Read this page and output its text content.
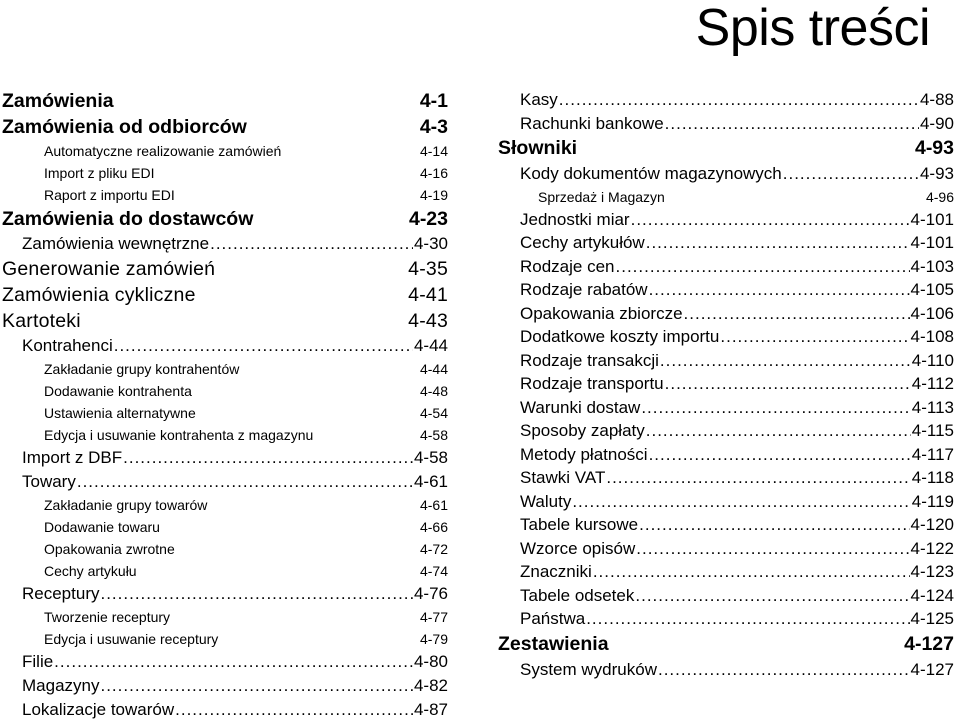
Spis treści
Zamówienia	4-1
Zamówienia od odbiorców	4-3
Automatyczne realizowanie zamówień	4-14
Import z pliku EDI	4-16
Raport z importu EDI	4-19
Zamówienia do dostawców	4-23
Zamówienia wewnętrzne .....	4-30
Generowanie zamówień	4-35
Zamówienia cykliczne	4-41
Kartoteki	4-43
Kontrahenci .....	4-44
Zakładanie grupy kontrahentów	4-44
Dodawanie kontrahenta	4-48
Ustawienia alternatywne	4-54
Edycja i usuwanie kontrahenta z magazynu	4-58
Import z DBF .....	4-58
Towary .....	4-61
Zakładanie grupy towarów	4-61
Dodawanie towaru	4-66
Opakowania zwrotne	4-72
Cechy artykułu	4-74
Receptury .....	4-76
Tworzenie receptury	4-77
Edycja i usuwanie receptury	4-79
Filie .....	4-80
Magazyny .....	4-82
Lokalizacje towarów .....	4-87
Kasy .....	4-88
Rachunki bankowe .....	4-90
Słowniki	4-93
Kody dokumentów magazynowych .....	4-93
Sprzedaż i Magazyn	4-96
Jednostki miar .....	4-101
Cechy artykułów .....	4-101
Rodzaje cen .....	4-103
Rodzaje rabatów .....	4-105
Opakowania zbiorcze .....	4-106
Dodatkowe koszty importu .....	4-108
Rodzaje transakcji .....	4-110
Rodzaje transportu .....	4-112
Warunki dostaw .....	4-113
Sposoby zapłaty .....	4-115
Metody płatności .....	4-117
Stawki VAT .....	4-118
Waluty .....	4-119
Tabele kursowe .....	4-120
Wzorce opisów .....	4-122
Znaczniki .....	4-123
Tabele odsetek .....	4-124
Państwa .....	4-125
Zestawienia	4-127
System wydruków .....	4-127
